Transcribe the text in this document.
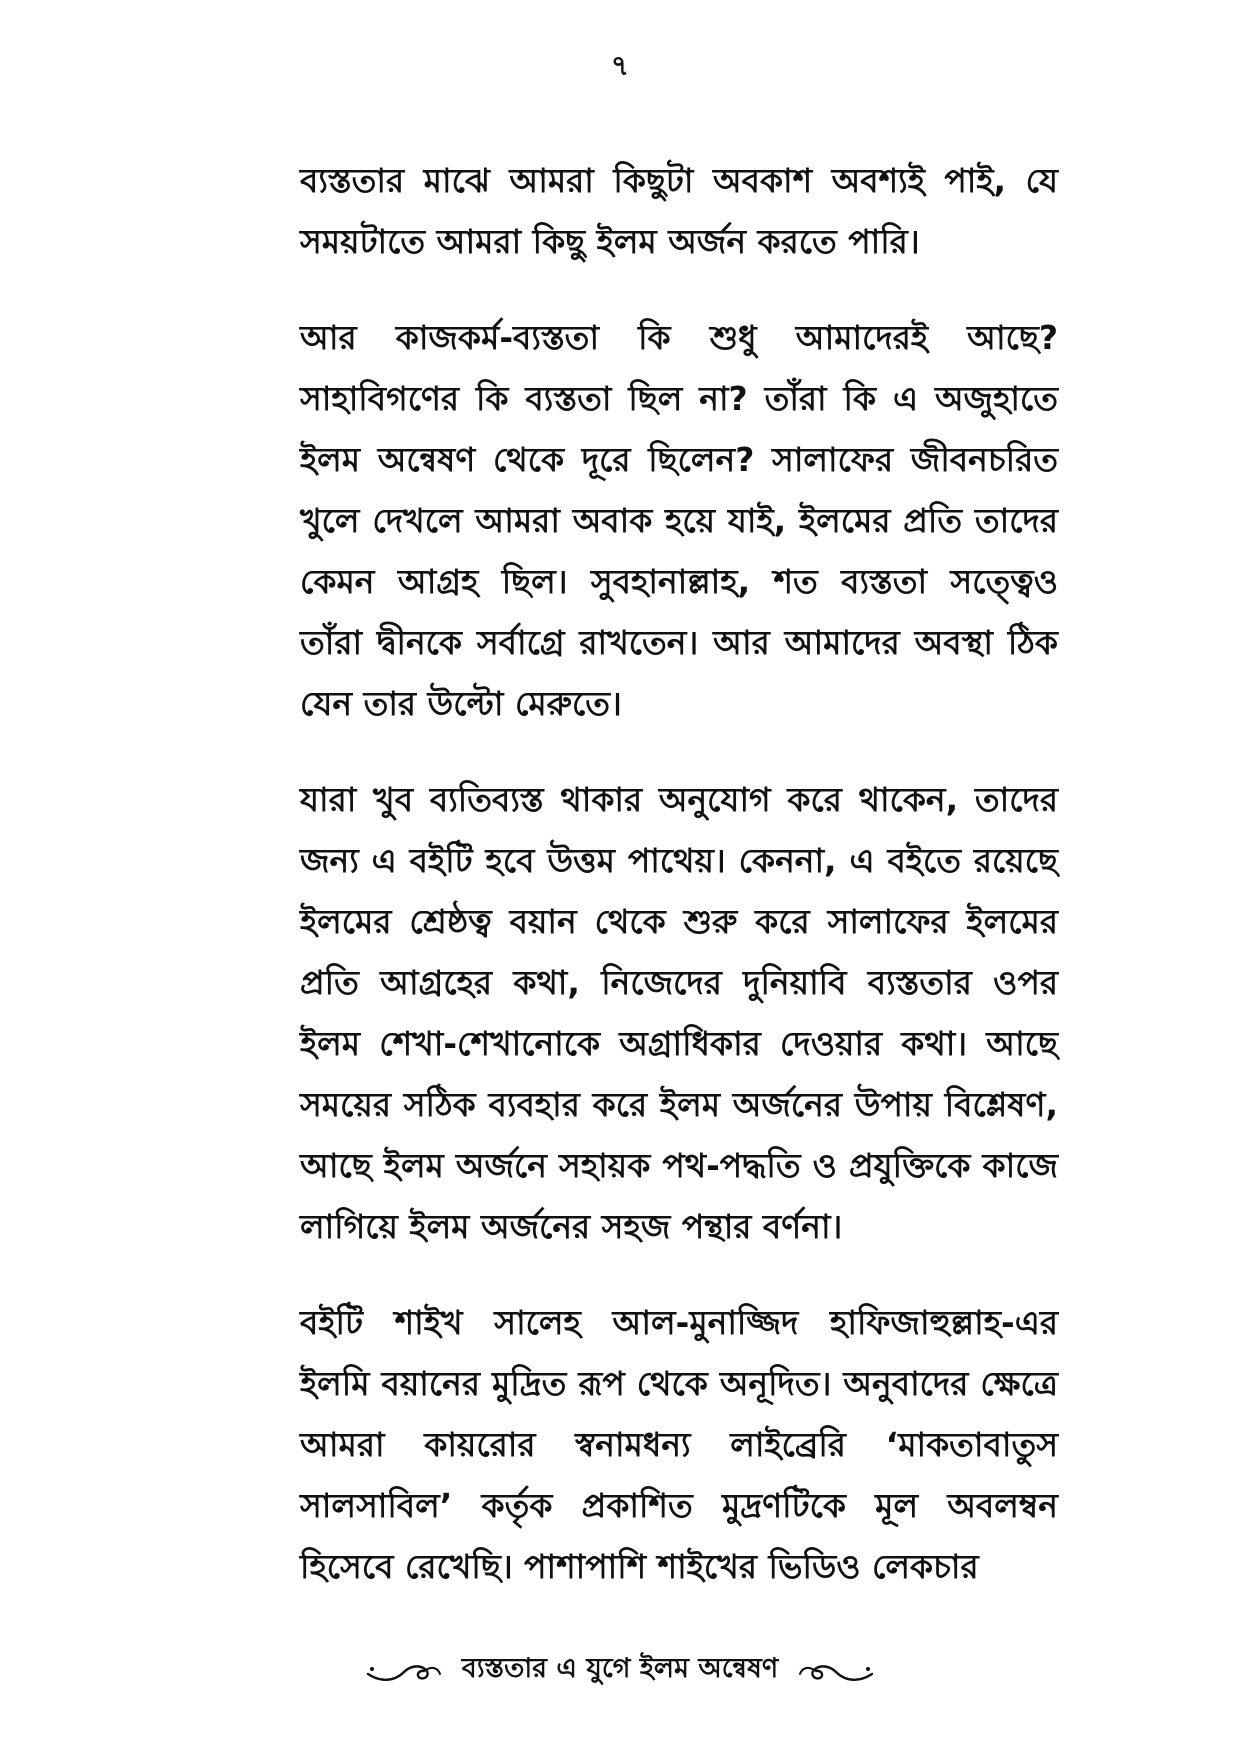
৭

ব্যস্ততার মাঝে আমরা কিছুটা অবকাশ অবশ্যই পাই, যে সময়টাতে আমরা কিছু ইলম অর্জন করতে পারি।

আর কাজকর্ম-ব্যস্ততা কি শুধু আমাদেরই আছে? সাহাবিগণের কি ব্যস্ততা ছিল না? তাঁরা কি এ অজুহাতে ইলম অন্বেষণ থেকে দূরে ছিলেন? সালাফের জীবনচরিত খুলে দেখলে আমরা অবাক হয়ে যাই, ইলমের প্রতি তাদের কেমন আগ্রহ ছিল। সুবহানাল্লাহ, শত ব্যস্ততা সত্ত্বেও তাঁরা দ্বীনকে সর্বাগ্রে রাখতেন। আর আমাদের অবস্থা ঠিক যেন তার উল্টো মেরুতে।

যারা খুব ব্যতিব্যস্ত থাকার অনুযোগ করে থাকেন, তাদের জন্য এ বইটি হবে উত্তম পাথেয়। কেননা, এ বইতে রয়েছে ইলমের শ্রেষ্ঠত্ব বয়ান থেকে শুরু করে সালাফের ইলমের প্রতি আগ্রহের কথা, নিজেদের দুনিয়াবি ব্যস্ততার ওপর ইলম শেখা-শেখানোকে অগ্রাধিকার দেওয়ার কথা। আছে সময়ের সঠিক ব্যবহার করে ইলম অর্জনের উপায় বিশ্লেষণ, আছে ইলম অর্জনে সহায়ক পথ-পদ্ধতি ও প্রযুক্তিকে কাজে লাগিয়ে ইলম অর্জনের সহজ পন্থার বর্ণনা।

বইটি শাইখ সালেহ আল-মুনাজ্জিদ হাফিজাহুল্লাহ-এর ইলমি বয়ানের মুদ্রিত রূপ থেকে অনূদিত। অনুবাদের ক্ষেত্রে আমরা কায়রোর স্বনামধন্য লাইব্রেরি ‘মাকতাবাতুস সালসাবিল’ কর্তৃক প্রকাশিত মুদ্রণটিকে মূল অবলম্বন হিসেবে রেখেছি। পাশাপাশি শাইখের ভিডিও লেকচার

ব্যস্ততার এ যুগে ইলম অন্বেষণ
